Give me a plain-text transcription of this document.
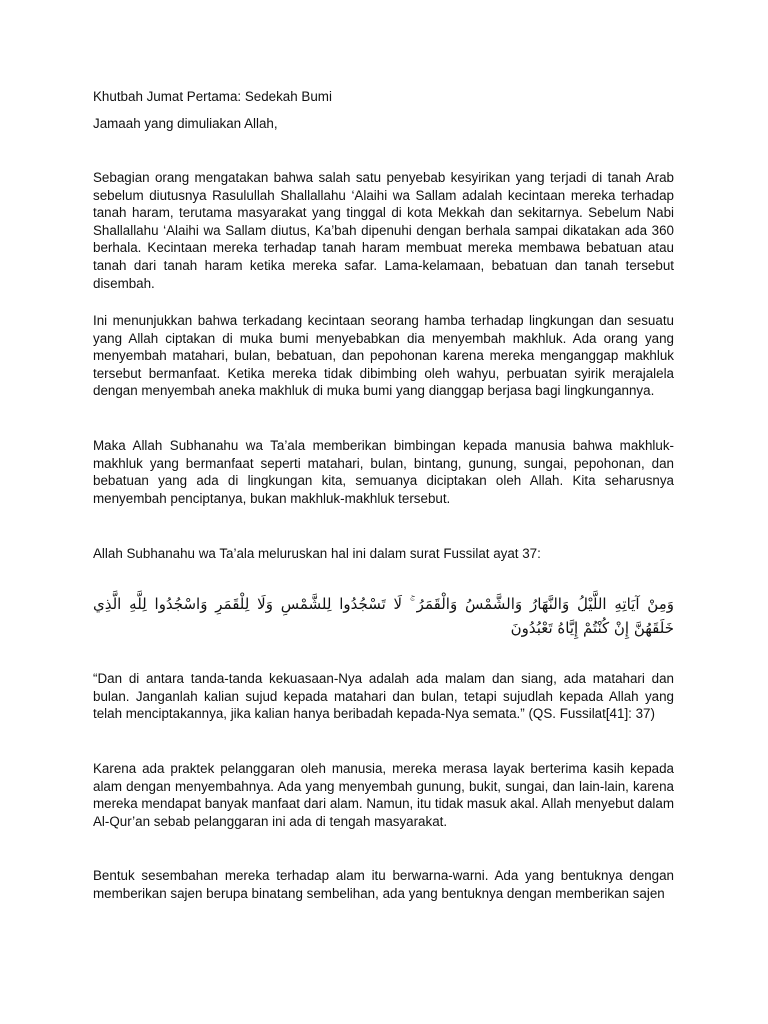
Khutbah Jumat Pertama: Sedekah Bumi

Jamaah yang dimuliakan Allah,

Sebagian orang mengatakan bahwa salah satu penyebab kesyirikan yang terjadi di tanah Arab sebelum diutusnya Rasulullah Shallallahu ‘Alaihi wa Sallam adalah kecintaan mereka terhadap tanah haram, terutama masyarakat yang tinggal di kota Mekkah dan sekitarnya. Sebelum Nabi Shallallahu ‘Alaihi wa Sallam diutus, Ka’bah dipenuhi dengan berhala sampai dikatakan ada 360 berhala. Kecintaan mereka terhadap tanah haram membuat mereka membawa bebatuan atau tanah dari tanah haram ketika mereka safar. Lama-kelamaan, bebatuan dan tanah tersebut disembah.

Ini menunjukkan bahwa terkadang kecintaan seorang hamba terhadap lingkungan dan sesuatu yang Allah ciptakan di muka bumi menyebabkan dia menyembah makhluk. Ada orang yang menyembah matahari, bulan, bebatuan, dan pepohonan karena mereka menganggap makhluk tersebut bermanfaat. Ketika mereka tidak dibimbing oleh wahyu, perbuatan syirik merajalela dengan menyembah aneka makhluk di muka bumi yang dianggap berjasa bagi lingkungannya.

Maka Allah Subhanahu wa Ta’ala memberikan bimbingan kepada manusia bahwa makhluk-makhluk yang bermanfaat seperti matahari, bulan, bintang, gunung, sungai, pepohonan, dan bebatuan yang ada di lingkungan kita, semuanya diciptakan oleh Allah. Kita seharusnya menyembah penciptanya, bukan makhluk-makhluk tersebut.

Allah Subhanahu wa Ta’ala meluruskan hal ini dalam surat Fussilat ayat 37:

وَمِنْ آيَاتِهِ اللَّيْلُ وَالنَّهَارُ وَالشَّمْسُ وَالْقَمَرُ ۚ لَا تَسْجُدُوا لِلشَّمْسِ وَلَا لِلْقَمَرِ وَاسْجُدُوا لِلَّهِ الَّذِي خَلَقَهُنَّ إِنْ كُنْتُمْ إِيَّاهُ تَعْبُدُونَ

“Dan di antara tanda-tanda kekuasaan-Nya adalah ada malam dan siang, ada matahari dan bulan. Janganlah kalian sujud kepada matahari dan bulan, tetapi sujudlah kepada Allah yang telah menciptakannya, jika kalian hanya beribadah kepada-Nya semata.” (QS. Fussilat[41]: 37)

Karena ada praktek pelanggaran oleh manusia, mereka merasa layak berterima kasih kepada alam dengan menyembahnya. Ada yang menyembah gunung, bukit, sungai, dan lain-lain, karena mereka mendapat banyak manfaat dari alam. Namun, itu tidak masuk akal. Allah menyebut dalam Al-Qur’an sebab pelanggaran ini ada di tengah masyarakat.

Bentuk sesembahan mereka terhadap alam itu berwarna-warni. Ada yang bentuknya dengan memberikan sajen berupa binatang sembelihan, ada yang bentuknya dengan memberikan sajen
